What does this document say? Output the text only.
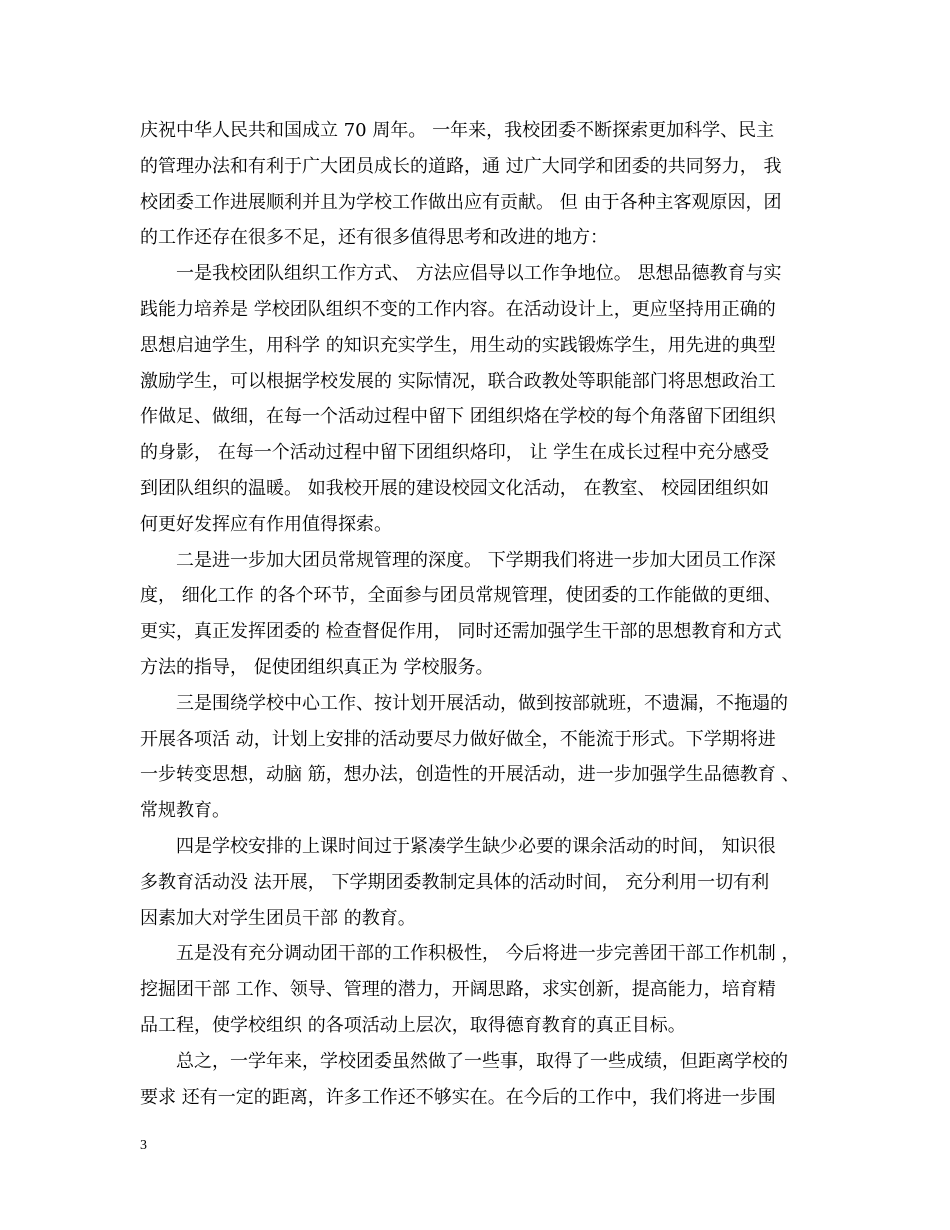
庆祝中华人民共和国成立 70 周年。 一年来，我校团委不断探索更加科学、民主
的管理办法和有利于广大团员成长的道路，通 过广大同学和团委的共同努力， 我
校团委工作进展顺利并且为学校工作做出应有贡献。 但 由于各种主客观原因，团
的工作还存在很多不足，还有很多值得思考和改进的地方：
一是我校团队组织工作方式、 方法应倡导以工作争地位。 思想品德教育与实
践能力培养是 学校团队组织不变的工作内容。在活动设计上，更应坚持用正确的
思想启迪学生，用科学 的知识充实学生，用生动的实践锻炼学生，用先进的典型
激励学生，可以根据学校发展的 实际情况，联合政教处等职能部门将思想政治工
作做足、做细，在每一个活动过程中留下 团组织烙在学校的每个角落留下团组织
的身影， 在每一个活动过程中留下团组织烙印， 让 学生在成长过程中充分感受
到团队组织的温暖。 如我校开展的建设校园文化活动， 在教室、 校园团组织如
何更好发挥应有作用值得探索。
二是进一步加大团员常规管理的深度。 下学期我们将进一步加大团员工作深
度， 细化工作 的各个环节，全面参与团员常规管理，使团委的工作能做的更细、
更实，真正发挥团委的 检查督促作用， 同时还需加强学生干部的思想教育和方式
方法的指导， 促使团组织真正为 学校服务。
三是围绕学校中心工作、按计划开展活动，做到按部就班，不遗漏，不拖遢的
开展各项活 动，计划上安排的活动要尽力做好做全，不能流于形式。下学期将进
一步转变思想，动脑 筋，想办法，创造性的开展活动，进一步加强学生品德教育 、
常规教育。
四是学校安排的上课时间过于紧凑学生缺少必要的课余活动的时间， 知识很
多教育活动没 法开展， 下学期团委教制定具体的活动时间， 充分利用一切有利
因素加大对学生团员干部 的教育。
五是没有充分调动团干部的工作积极性， 今后将进一步完善团干部工作机制 ，
挖掘团干部 工作、领导、管理的潜力，开阔思路，求实创新，提高能力，培育精
品工程，使学校组织 的各项活动上层次，取得德育教育的真正目标。
总之，一学年来，学校团委虽然做了一些事，取得了一些成绩，但距离学校的
要求 还有一定的距离，许多工作还不够实在。在今后的工作中，我们将进一步围
3
